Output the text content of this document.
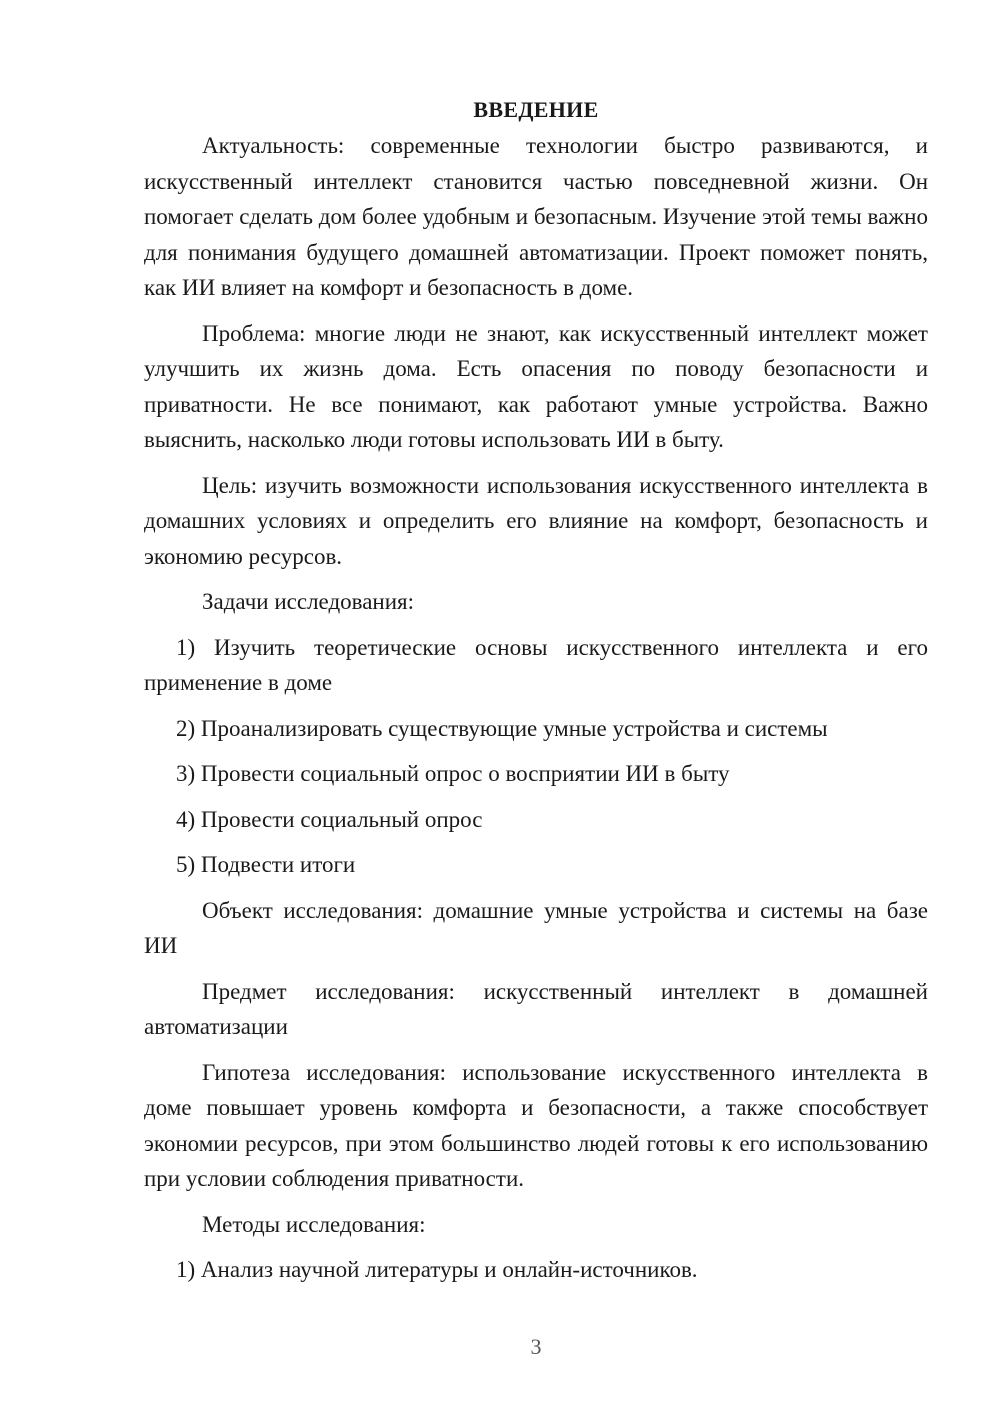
ВВЕДЕНИЕ

Актуальность: современные технологии быстро развиваются, и искусственный интеллект становится частью повседневной жизни. Он помогает сделать дом более удобным и безопасным. Изучение этой темы важно для понимания будущего домашней автоматизации. Проект поможет понять, как ИИ влияет на комфорт и безопасность в доме.

Проблема: многие люди не знают, как искусственный интеллект может улучшить их жизнь дома. Есть опасения по поводу безопасности и приватности. Не все понимают, как работают умные устройства. Важно выяснить, насколько люди готовы использовать ИИ в быту.

Цель: изучить возможности использования искусственного интеллекта в домашних условиях и определить его влияние на комфорт, безопасность и экономию ресурсов.

Задачи исследования:

1) Изучить теоретические основы искусственного интеллекта и его применение в доме

2) Проанализировать существующие умные устройства и системы

3) Провести социальный опрос о восприятии ИИ в быту

4) Провести социальный опрос

5) Подвести итоги

Объект исследования: домашние умные устройства и системы на базе ИИ

Предмет исследования: искусственный интеллект в домашней автоматизации

Гипотеза исследования: использование искусственного интеллекта в доме повышает уровень комфорта и безопасности, а также способствует экономии ресурсов, при этом большинство людей готовы к его использованию при условии соблюдения приватности.

Методы исследования:

1) Анализ научной литературы и онлайн-источников.

3
